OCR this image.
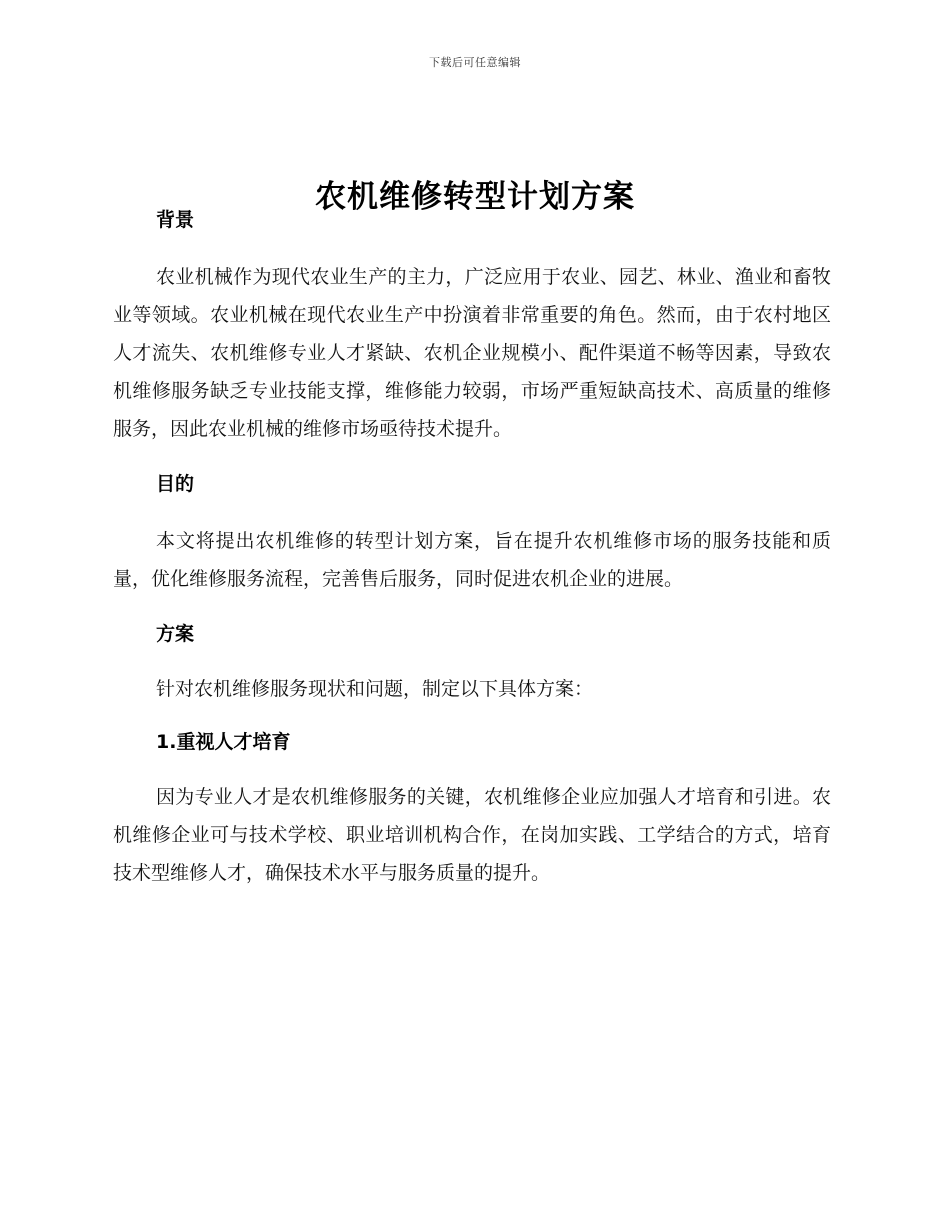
下载后可任意编辑
农机维修转型计划方案
背景

农业机械作为现代农业生产的主力，广泛应用于农业、园艺、林业、渔业和畜牧业等领域。农业机械在现代农业生产中扮演着非常重要的角色。然而，由于农村地区人才流失、农机维修专业人才紧缺、农机企业规模小、配件渠道不畅等因素，导致农机维修服务缺乏专业技能支撑，维修能力较弱，市场严重短缺高技术、高质量的维修服务，因此农业机械的维修市场亟待技术提升。

目的

本文将提出农机维修的转型计划方案，旨在提升农机维修市场的服务技能和质量，优化维修服务流程，完善售后服务，同时促进农机企业的进展。

方案

针对农机维修服务现状和问题，制定以下具体方案：

1.重视人才培育

因为专业人才是农机维修服务的关键，农机维修企业应加强人才培育和引进。农机维修企业可与技术学校、职业培训机构合作，在岗加实践、工学结合的方式，培育技术型维修人才，确保技术水平与服务质量的提升。
